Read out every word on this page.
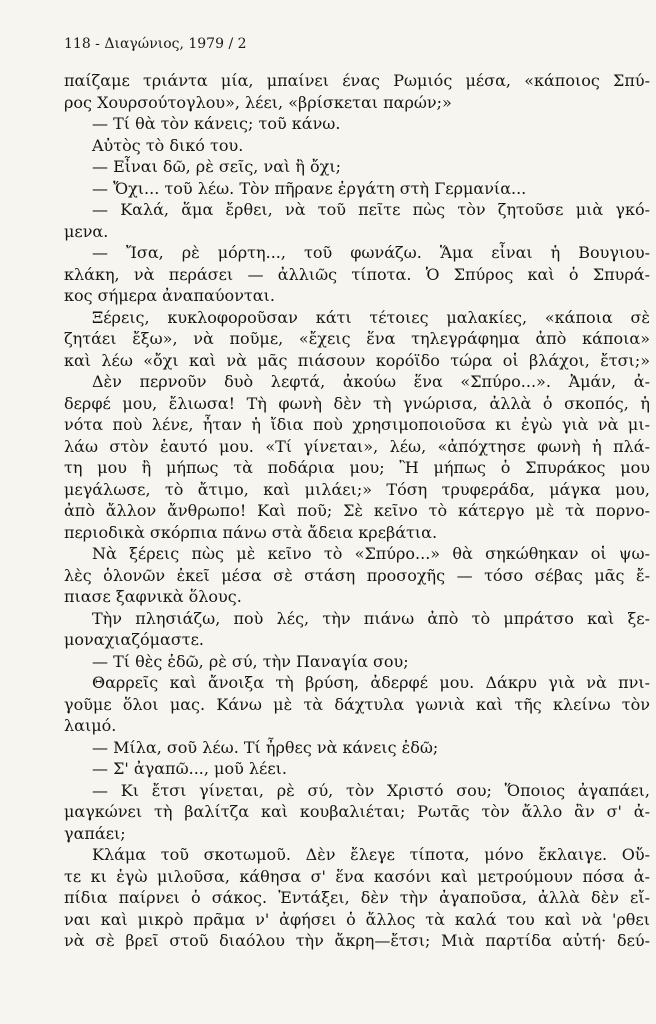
118 - Διαγώνιος, 1979 / 2
παίζαμε τριάντα μία, μπαίνει ένας Ρωμιός μέσα, «κάποιος Σπύ-
ρος Χουρσούτογλου», λέει, «βρίσκεται παρών;»
— Τί θὰ τὸν κάνεις; τοῦ κάνω.
Αὐτὸς τὸ δικό του.
— Εἶναι δῶ, ρὲ σεῖς, ναὶ ἢ ὄχι;
— Ὄχι... τοῦ λέω. Τὸν πῆρανε ἐργάτη στὴ Γερμανία...
— Καλά, ἅμα ἔρθει, νὰ τοῦ πεῖτε πὼς τὸν ζητοῦσε μιὰ γκό-
μενα.
— Ἴσα, ρὲ μόρτη..., τοῦ φωνάζω. Ἅμα εἶναι ἡ Βουγιου-
κλάκη, νὰ περάσει — ἀλλιῶς τίποτα. Ὁ Σπύρος καὶ ὁ Σπυρά-
κος σήμερα ἀναπαύονται.
Ξέρεις, κυκλοφοροῦσαν κάτι τέτοιες μαλακίες, «κάποια σὲ
ζητάει ἔξω», νὰ ποῦμε, «ἔχεις ἕνα τηλεγράφημα ἀπὸ κάποια»
καὶ λέω «ὄχι καὶ νὰ μᾶς πιάσουν κορόϊδο τώρα οἱ βλάχοι, ἔτσι;»
Δὲν περνοῦν δυὸ λεφτά, ἀκούω ἕνα «Σπύρο...». Ἀμάν, ἀ-
δερφέ μου, ἔλιωσα! Τὴ φωνὴ δὲν τὴ γνώρισα, ἀλλὰ ὁ σκοπός, ἡ
νότα ποὺ λένε, ἦταν ἡ ἴδια ποὺ χρησιμοποιοῦσα κι ἐγὼ γιὰ νὰ μι-
λάω στὸν ἑαυτό μου. «Τί γίνεται», λέω, «ἀπόχτησε φωνὴ ἡ πλά-
τη μου ἢ μήπως τὰ ποδάρια μου; Ἢ μήπως ὁ Σπυράκος μου
μεγάλωσε, τὸ ἄτιμο, καὶ μιλάει;» Τόση τρυφεράδα, μάγκα μου,
ἀπὸ ἄλλον ἄνθρωπο! Καὶ ποῦ; Σὲ κεῖνο τὸ κάτεργο μὲ τὰ πορνο-
περιοδικὰ σκόρπια πάνω στὰ ἄδεια κρεβάτια.
Νὰ ξέρεις πὼς μὲ κεῖνο τὸ «Σπύρο...» θὰ σηκώθηκαν οἱ ψω-
λὲς ὁλονῶν ἐκεῖ μέσα σὲ στάση προσοχῆς — τόσο σέβας μᾶς ἔ-
πιασε ξαφνικὰ ὅλους.
Τὴν πλησιάζω, ποὺ λές, τὴν πιάνω ἀπὸ τὸ μπράτσο καὶ ξε-
μοναχιαζόμαστε.
— Τί θὲς ἐδῶ, ρὲ σύ, τὴν Παναγία σου;
Θαρρεῖς καὶ ἄνοιξα τὴ βρύση, ἀδερφέ μου. Δάκρυ γιὰ νὰ πνι-
γοῦμε ὅλοι μας. Κάνω μὲ τὰ δάχτυλα γωνιὰ καὶ τῆς κλείνω τὸν
λαιμό.
— Μίλα, σοῦ λέω. Τί ἦρθες νὰ κάνεις ἐδῶ;
— Σ' ἀγαπῶ..., μοῦ λέει.
— Κι ἔτσι γίνεται, ρὲ σύ, τὸν Χριστό σου; Ὅποιος ἀγαπάει,
μαγκώνει τὴ βαλίτζα καὶ κουβαλιέται; Ρωτᾶς τὸν ἄλλο ἂν σ' ἀ-
γαπάει;
Κλάμα τοῦ σκοτωμοῦ. Δὲν ἔλεγε τίποτα, μόνο ἔκλαιγε. Οὔ-
τε κι ἐγὼ μιλοῦσα, κάθησα σ' ἕνα κασόνι καὶ μετρούμουν πόσα ἀ-
πίδια παίρνει ὁ σάκος. Ἐντάξει, δὲν τὴν ἀγαποῦσα, ἀλλὰ δὲν εἴ-
ναι καὶ μικρὸ πρᾶμα ν' ἀφήσει ὁ ἄλλος τὰ καλά του καὶ νὰ 'ρθει
νὰ σὲ βρεῖ στοῦ διαόλου τὴν ἄκρη—ἔτσι; Μιὰ παρτίδα αὐτή· δεύ-
